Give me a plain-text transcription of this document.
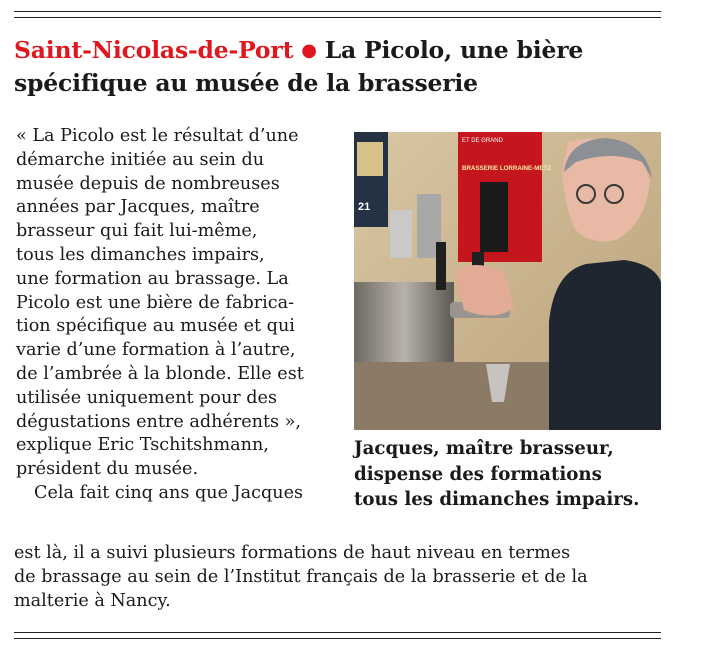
Saint-Nicolas-de-Port ● La Picolo, une bière
spécifique au musée de la brasserie
« La Picolo est le résultat d’une
démarche initiée au sein du
musée depuis de nombreuses
années par Jacques, maître
brasseur qui fait lui-même,
tous les dimanches impairs,
une formation au brassage. La
Picolo est une bière de fabrica-
tion spécifique au musée et qui
varie d’une formation à l’autre,
de l’ambrée à la blonde. Elle est
utilisée uniquement pour des
dégustations entre adhérents »,
explique Eric Tschitshmann,
président du musée.
Cela fait cinq ans que Jacques
est là, il a suivi plusieurs formations de haut niveau en termes
de brassage au sein de l’Institut français de la brasserie et de la
malterie à Nancy.
21
ET DE GRAND
BRASSERIE LORRAINE-METZ
Jacques, maître brasseur,
dispense des formations
tous les dimanches impairs.
